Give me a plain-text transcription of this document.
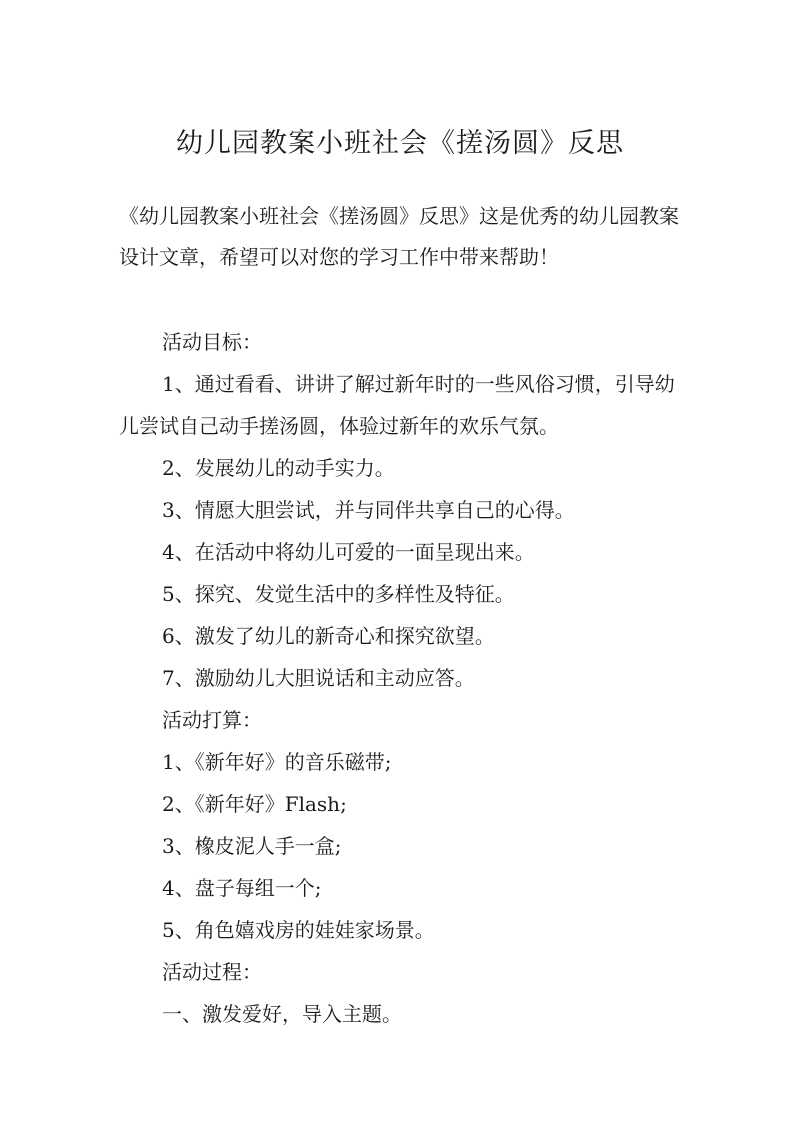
幼儿园教案小班社会《搓汤圆》反思
《幼儿园教案小班社会《搓汤圆》反思》这是优秀的幼儿园教案设计文章，希望可以对您的学习工作中带来帮助！
活动目标：
1、通过看看、讲讲了解过新年时的一些风俗习惯，引导幼儿尝试自己动手搓汤圆，体验过新年的欢乐气氛。
2、发展幼儿的动手实力。
3、情愿大胆尝试，并与同伴共享自己的心得。
4、在活动中将幼儿可爱的一面呈现出来。
5、探究、发觉生活中的多样性及特征。
6、激发了幼儿的新奇心和探究欲望。
7、激励幼儿大胆说话和主动应答。
活动打算：
1、《新年好》的音乐磁带;
2、《新年好》Flash;
3、橡皮泥人手一盒;
4、盘子每组一个;
5、角色嬉戏房的娃娃家场景。
活动过程：
一、激发爱好，导入主题。
